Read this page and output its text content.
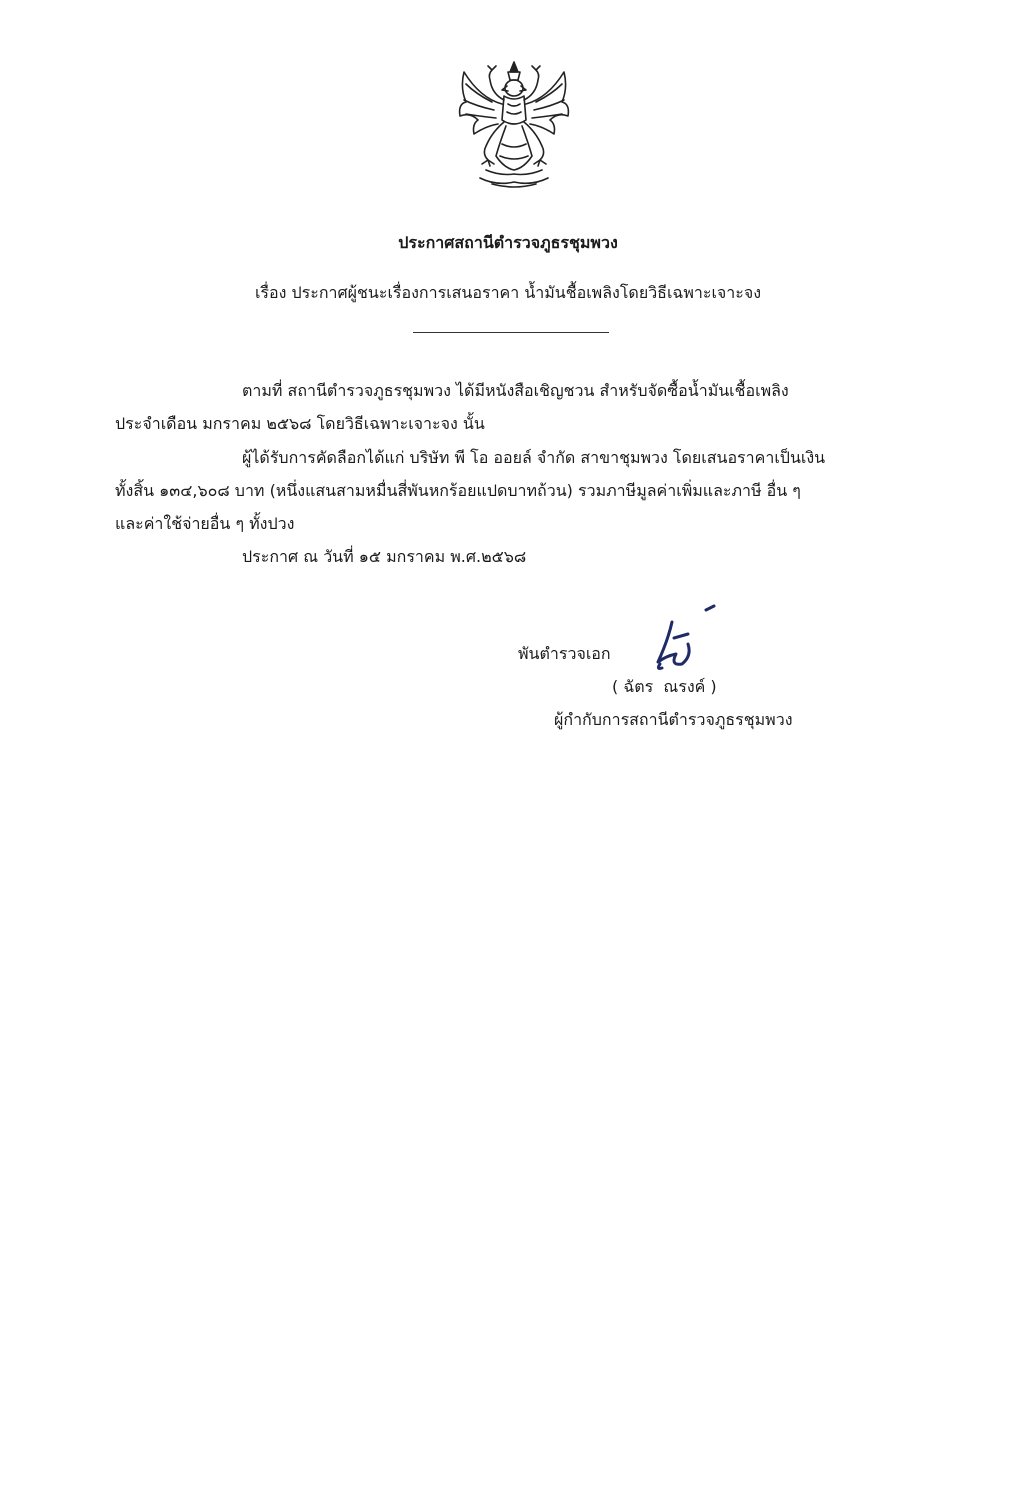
ประกาศสถานีตำรวจภูธรชุมพวง
เรื่อง ประกาศผู้ชนะเรื่องการเสนอราคา น้ำมันชื้อเพลิงโดยวิธีเฉพาะเจาะจง
ตามที่ สถานีตำรวจภูธรชุมพวง ได้มีหนังสือเชิญชวน สำหรับจัดซื้อน้ำมันเชื้อเพลิง
ประจำเดือน มกราคม ๒๕๖๘ โดยวิธีเฉพาะเจาะจง นั้น
ผู้ได้รับการคัดลือกได้แก่ บริษัท พี โอ ออยล์ จำกัด สาขาชุมพวง โดยเสนอราคาเป็นเงิน
ทั้งสิ้น ๑๓๔,๖๐๘ บาท (หนึ่งแสนสามหมื่นสี่พันหกร้อยแปดบาทถ้วน) รวมภาษีมูลค่าเพิ่มและภาษี อื่น ๆ
และค่าใช้จ่ายอื่น ๆ ทั้งปวง
ประกาศ ณ วันที่ ๑๕ มกราคม พ.ศ.๒๕๖๘
พันตำรวจเอก
( ฉัตร  ณรงค์ )
ผู้กำกับการสถานีตำรวจภูธรชุมพวง
